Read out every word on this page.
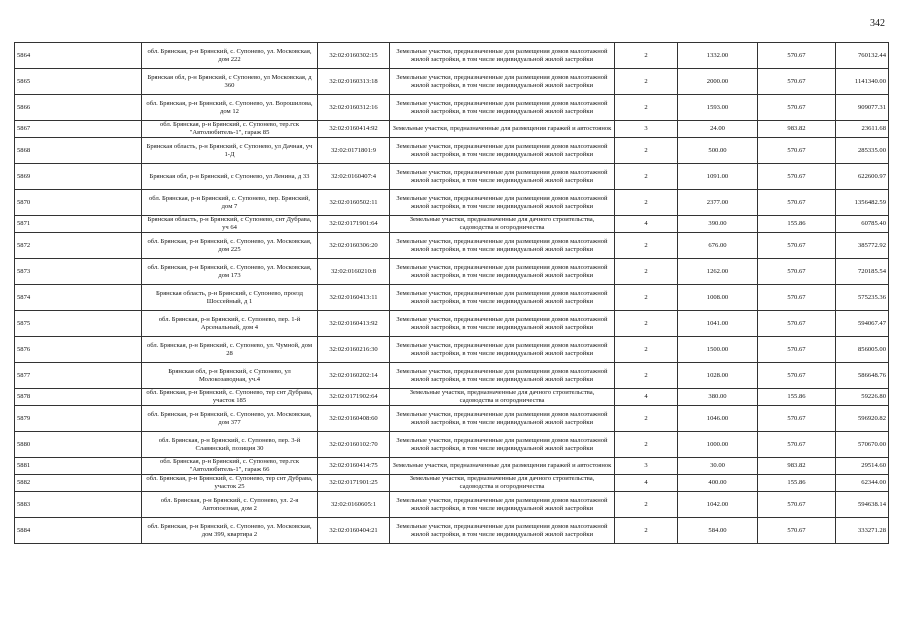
342
5864	обл. Брянская, р-н Брянский, с. Супонево, ул. Московская, дом 222	32:02:0160302:15	Земельные участки, предназначенные для размещения домов малоэтажной жилой застройки, в том числе индивидуальной жилой застройки	2	1332.00	570.67	760132.44
5865	Брянская обл, р-н Брянский, с Супонево, ул Московская, д 360	32:02:0160313:18	Земельные участки, предназначенные для размещения домов малоэтажной жилой застройки, в том числе индивидуальной жилой застройки	2	2000.00	570.67	1141340.00
5866	обл. Брянская, р-н Брянский, с. Супонево, ул. Ворошилова, дом 12	32:02:0160312:16	Земельные участки, предназначенные для размещения домов малоэтажной жилой застройки, в том числе индивидуальной жилой застройки	2	1593.00	570.67	909077.31
5867	обл. Брянская, р-н Брянский, с. Супонево, тер.гск "Автолюбитель-1", гараж 85	32:02:0160414:92	Земельные участки, предназначенные для размещения гаражей и автостоянок	3	24.00	983.82	23611.68
5868	Брянская область, р-н Брянский, с Супонево, ул Дачная, уч 1-Д	32:02:0171801:9	Земельные участки, предназначенные для размещения домов малоэтажной жилой застройки, в том числе индивидуальной жилой застройки	2	500.00	570.67	285335.00
5869	Брянская обл, р-н Брянский, с Супонево, ул Ленина, д 33	32:02:0160407:4	Земельные участки, предназначенные для размещения домов малоэтажной жилой застройки, в том числе индивидуальной жилой застройки	2	1091.00	570.67	622600.97
5870	обл. Брянская, р-н Брянский, с. Супонево, пер. Брянский, дом 7	32:02:0160502:11	Земельные участки, предназначенные для размещения домов малоэтажной жилой застройки, в том числе индивидуальной жилой застройки	2	2377.00	570.67	1356482.59
5871	Брянская область, р-н Брянский, с Супонево, снт Дубрава, уч 64	32:02:0171901:64	Земельные участки, предназначенные для дачного строительства, садоводства и огородничества	4	390.00	155.86	60785.40
5872	обл. Брянская, р-н Брянский, с. Супонево, ул. Московская, дом 225	32:02:0160306:20	Земельные участки, предназначенные для размещения домов малоэтажной жилой застройки, в том числе индивидуальной жилой застройки	2	676.00	570.67	385772.92
5873	обл. Брянская, р-н Брянский, с. Супонево, ул. Московская, дом 173	32:02:0160210:8	Земельные участки, предназначенные для размещения домов малоэтажной жилой застройки, в том числе индивидуальной жилой застройки	2	1262.00	570.67	720185.54
5874	Брянская область, р-н Брянский, с Супонево, проезд Шоссейный, д 1	32:02:0160413:11	Земельные участки, предназначенные для размещения домов малоэтажной жилой застройки, в том числе индивидуальной жилой застройки	2	1008.00	570.67	575235.36
5875	обл. Брянская, р-н Брянский, с. Супонево, пер. 1-й Арсенальный, дом 4	32:02:0160413:92	Земельные участки, предназначенные для размещения домов малоэтажной жилой застройки, в том числе индивидуальной жилой застройки	2	1041.00	570.67	594067.47
5876	обл. Брянская, р-н Брянский, с. Супонево, ул. Чумной, дом 28	32:02:0160216:30	Земельные участки, предназначенные для размещения домов малоэтажной жилой застройки, в том числе индивидуальной жилой застройки	2	1500.00	570.67	856005.00
5877	Брянская обл, р-н Брянский, с Супонево, ул Молокозаводная, уч.4	32:02:0160202:14	Земельные участки, предназначенные для размещения домов малоэтажной жилой застройки, в том числе индивидуальной жилой застройки	2	1028.00	570.67	586648.76
5878	обл. Брянская, р-н Брянский, с. Супонево, тер снт Дубрава, участок 185	32:02:0171902:64	Земельные участки, предназначенные для дачного строительства, садоводства и огородничества	4	380.00	155.86	59226.80
5879	обл. Брянская, р-н Брянский, с. Супонево, ул. Московская, дом 377	32:02:0160408:60	Земельные участки, предназначенные для размещения домов малоэтажной жилой застройки, в том числе индивидуальной жилой застройки	2	1046.00	570.67	596920.82
5880	обл. Брянская, р-н Брянский, с. Супонево, пер. 3-й Славянский, позиция 30	32:02:0160102:70	Земельные участки, предназначенные для размещения домов малоэтажной жилой застройки, в том числе индивидуальной жилой застройки	2	1000.00	570.67	570670.00
5881	обл. Брянская, р-н Брянский, с. Супонево, тер.гск "Автолюбитель-1", гараж 66	32:02:0160414:75	Земельные участки, предназначенные для размещения гаражей и автостоянок	3	30.00	983.82	29514.60
5882	обл. Брянская, р-н Брянский, с. Супонево, тер снт Дубрава, участок 25	32:02:0171901:25	Земельные участки, предназначенные для дачного строительства, садоводства и огородничества	4	400.00	155.86	62344.00
5883	обл. Брянская, р-н Брянский, с. Супонево, ул. 2-я Автопоезная, дом 2	32:02:0160605:1	Земельные участки, предназначенные для размещения домов малоэтажной жилой застройки, в том числе индивидуальной жилой застройки	2	1042.00	570.67	594638.14
5884	обл. Брянская, р-н Брянский, с. Супонево, ул. Московская, дом 399, квартира 2	32:02:0160404:21	Земельные участки, предназначенные для размещения домов малоэтажной жилой застройки, в том числе индивидуальной жилой застройки	2	584.00	570.67	333271.28
